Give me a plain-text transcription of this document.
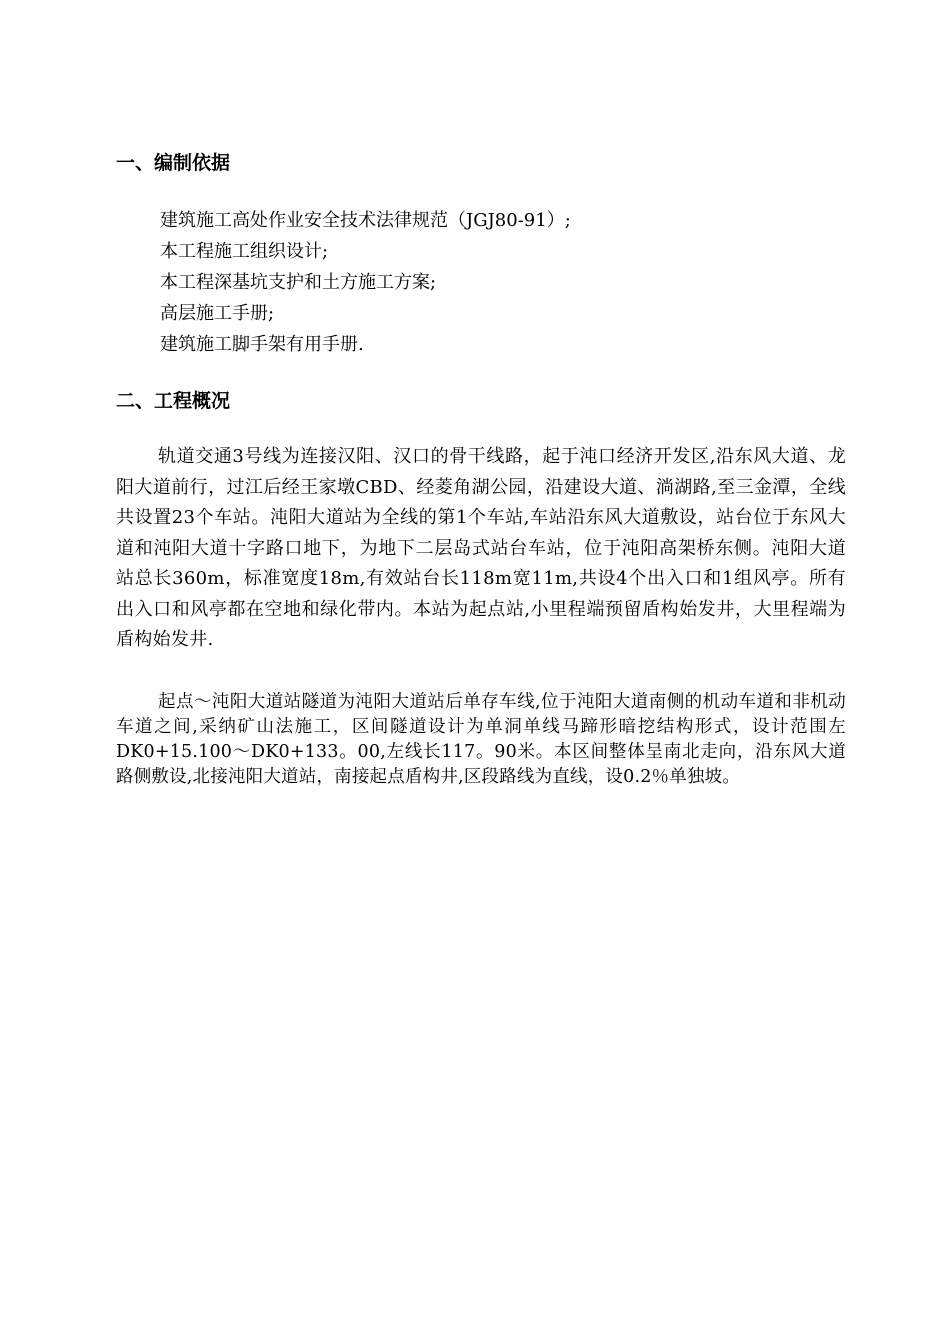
一、编制依据
建筑施工高处作业安全技术法律规范（JGJ80-91）;
本工程施工组织设计;
本工程深基坑支护和土方施工方案;
高层施工手册;
建筑施工脚手架有用手册.
二、工程概况

轨道交通3号线为连接汉阳、汉口的骨干线路，起于沌口经济开发区,沿东风大道、龙阳大道前行，过江后经王家墩CBD、经菱角湖公园，沿建设大道、淌湖路,至三金潭，全线共设置23个车站。沌阳大道站为全线的第1个车站,车站沿东风大道敷设，站台位于东风大道和沌阳大道十字路口地下，为地下二层岛式站台车站，位于沌阳高架桥东侧。沌阳大道站总长360m，标准宽度18m,有效站台长118m宽11m,共设4个出入口和1组风亭。所有出入口和风亭都在空地和绿化带内。本站为起点站,小里程端预留盾构始发井，大里程端为盾构始发井.

起点～沌阳大道站隧道为沌阳大道站后单存车线,位于沌阳大道南侧的机动车道和非机动车道之间,采纳矿山法施工，区间隧道设计为单洞单线马蹄形暗挖结构形式，设计范围左DK0+15.100～DK0+133。00,左线长117。90米。本区间整体呈南北走向，沿东风大道路侧敷设,北接沌阳大道站，南接起点盾构井,区段路线为直线，设0.2％单独坡。
